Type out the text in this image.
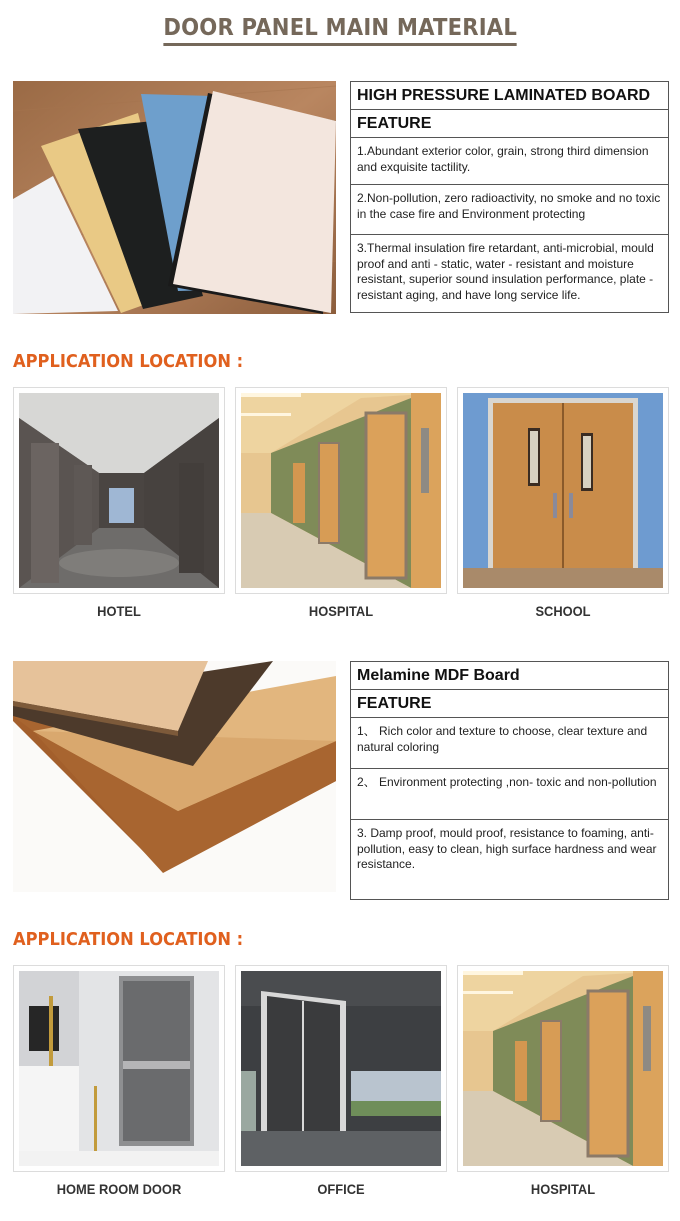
DOOR PANEL MAIN MATERIAL
HIGH PRESSURE LAMINATED BOARD
FEATURE
1.Abundant exterior color, grain, strong third dimension and exquisite tactility.
2.Non-pollution, zero radioactivity, no smoke and no toxic in the case fire and Environment protecting
3.Thermal insulation fire retardant, anti-microbial, mould proof and anti - static, water - resistant and moisture resistant, superior sound insulation performance, plate - resistant aging, and have long service life.
APPLICATION LOCATION :
HOTEL	HOSPITAL	SCHOOL
Melamine MDF Board
FEATURE
1、 Rich color and texture to choose, clear texture and natural coloring
2、 Environment protecting ,non- toxic and non-pollution
3. Damp proof, mould proof, resistance to foaming, anti- pollution, easy to clean, high surface hardness and wear resistance.
APPLICATION LOCATION :
HOME ROOM DOOR	OFFICE	HOSPITAL
